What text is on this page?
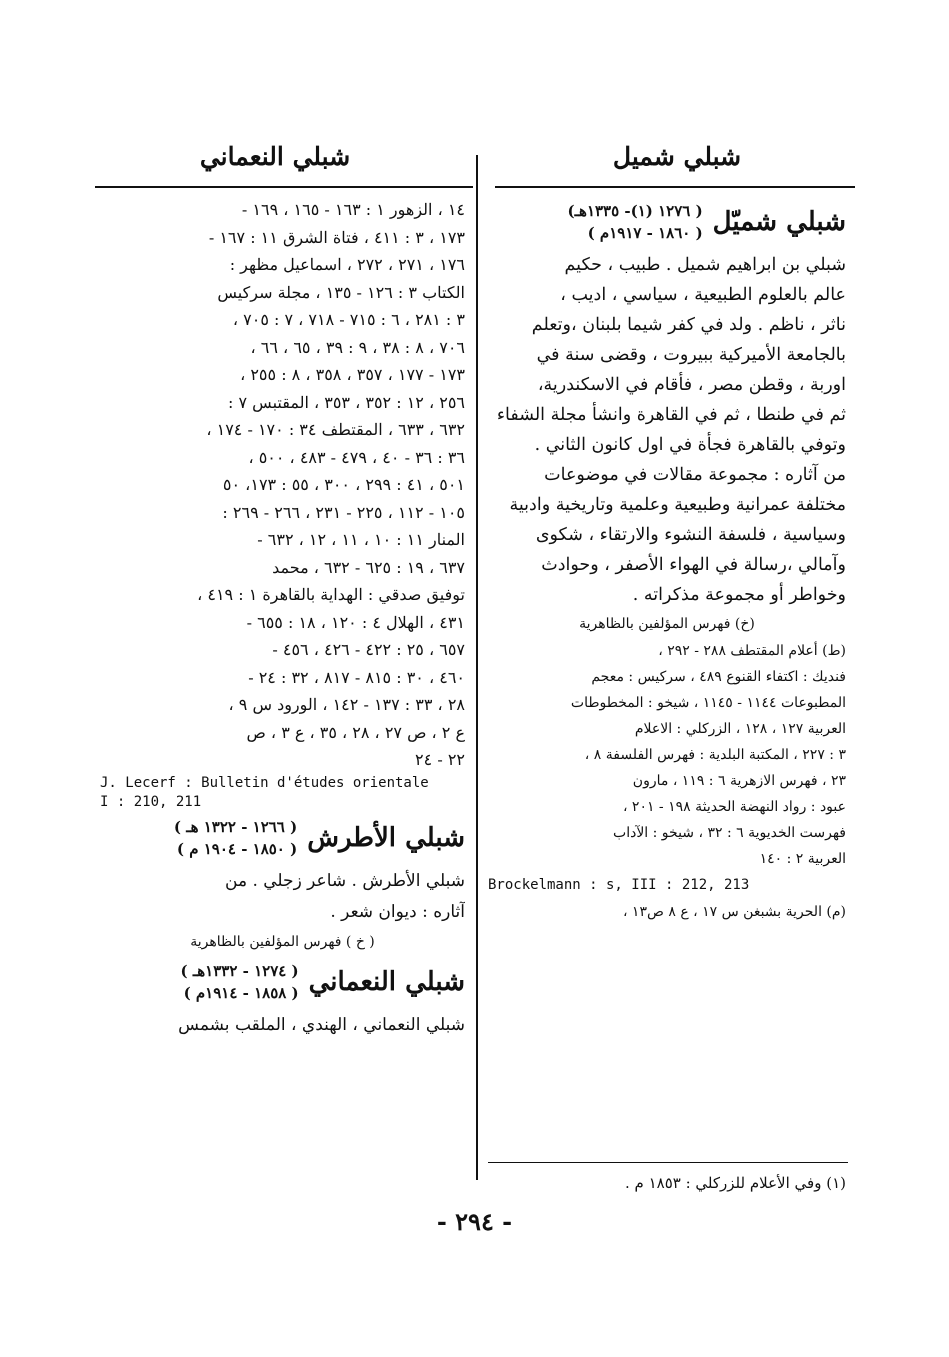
شبلي شميل
شبلي النعماني
شبلي شميّل
( ١٢٧٦ (١)- ١٣٣٥هـ)
( ١٨٦٠ - ١٩١٧م )
شبلي بن ابراهيم شميل . طبيب ، حكيم
عالم بالعلوم الطبيعية ، سياسي ، اديب ،
ناثر ، ناظم . ولد في كفر شيما بلبنان ،وتعلم
بالجامعة الأميركية ببيروت ، وقضى سنة في
اوربة ، وقطن مصر ، فأقام في الاسكندرية،
ثم في طنطا ، ثم في القاهرة وانشأ مجلة الشفاء
وتوفي بالقاهرة فجأة في اول كانون الثاني .
من آثاره : مجموعة مقالات في موضوعات
مختلفة عمرانية وطبيعية وعلمية وتاريخية وادبية
وسياسية ، فلسفة النشوء والارتقاء ، شكوى
وآمالي ،رسالة في الهواء الأصفر ، وحوادث
وخواطر أو مجموعة مذكراته .
(خ) فهرس المؤلفين بالظاهرية
(ط) أعلام المقتطف ٢٨٨ - ٢٩٢ ،
فنديك : اكتفاء القنوع ٤٨٩ ، سركيس : معجم
المطبوعات ١١٤٤ - ١١٤٥ ، شيخو : المخطوطات
العربية ١٢٧ ، ١٢٨ ، الزركلي : الاعلام
٣ : ٢٢٧ ، المكتبة البلدية : فهرس الفلسفة ٨ ،
٢٣ ، فهرس الازهرية ٦ : ١١٩ ، مارون
عبود : رواد النهضة الحديثة ١٩٨ - ٢٠١ ،
فهرست الخديوية ٦ : ٣٢ ، شيخو : الآداب
العربية ٢ : ١٤٠
Brockelmann : s, III : 212, 213
(م) الحرية بشبغن س ١٧ ، ع ٨ ص١٣ ،
١٤ ، الزهور ١ : ١٦٣ - ١٦٥ ، ١٦٩ -
١٧٣ ، ٣ : ٤١١ ، فتاة الشرق ١١ : ١٦٧ -
١٧٦ ، ٢٧١ ، ٢٧٢ ، اسماعيل مظهر :
الكتاب ٣ : ١٢٦ - ١٣٥ ، مجلة سركيس
٣ : ٢٨١ ، ٦ : ٧١٥ - ٧١٨ ، ٧ : ٧٠٥ ،
٧٠٦ ، ٨ : ٣٨ ، ٩ : ٣٩ ، ٦٥ ، ٦٦ ،
١٧٣ - ١٧٧ ، ٣٥٧ ، ٣٥٨ ، ٨ : ٢٥٥ ،
٢٥٦ ، ١٢ : ٣٥٢ ، ٣٥٣ ، المقتبس ٧ :
٦٣٢ ، ٦٣٣ ، المقتطف ٣٤ : ١٧٠ - ١٧٤ ،
٣٦ : ٣٦ - ٤٠ ، ٤٧٩ - ٤٨٣ ، ٥٠٠ ،
٥٠١ ، ٤١ : ٢٩٩ ، ٣٠٠ ، ٥٥ : ١٧٣، ٥٠
١٠٥ - ١١٢ ، ٢٢٥ - ٢٣١ ، ٢٦٦ - ٢٦٩ :
المنار ١١ : ١٠ ، ١١ ، ١٢ ، ٦٣٢ -
٦٣٧ ، ١٩ : ٦٢٥ - ٦٣٢ ، محمد
توفيق صدقي : الهداية بالقاهرة ١ : ٤١٩ ،
٤٣١ ، الهلال ٤ : ١٢٠ ، ١٨ : ٦٥٥ -
٦٥٧ ، ٢٥ : ٤٢٢ - ٤٢٦ ، ٤٥٦ -
٤٦٠ ، ٣٠ : ٨١٥ - ٨١٧ ، ٣٢ : ٢٤ -
٢٨ ، ٣٣ : ١٣٧ - ١٤٢ ، الورود س ٩ ،
ع ٢ ، ص ٢٧ ، ٢٨ ، ٣٥ ، ع ٣ ، ص
٢٢ - ٢٤
J. Lecerf : Bulletin d'études orientale
I : 210, 211
شبلي الأطرش
( ١٢٦٦ - ١٣٢٢ هـ )
( ١٨٥٠ - ١٩٠٤ م )
شبلي الأطرش . شاعر زجلي . من
آثاره : ديوان شعر .
( خ ) فهرس المؤلفين بالظاهرية
شبلي النعماني
( ١٢٧٤ - ١٣٣٢هـ )
( ١٨٥٨ - ١٩١٤م )
شبلي النعماني ، الهندي ، الملقب بشمس
(١) وفي الأعلام للزركلي : ١٨٥٣ م .
- ٢٩٤ -
